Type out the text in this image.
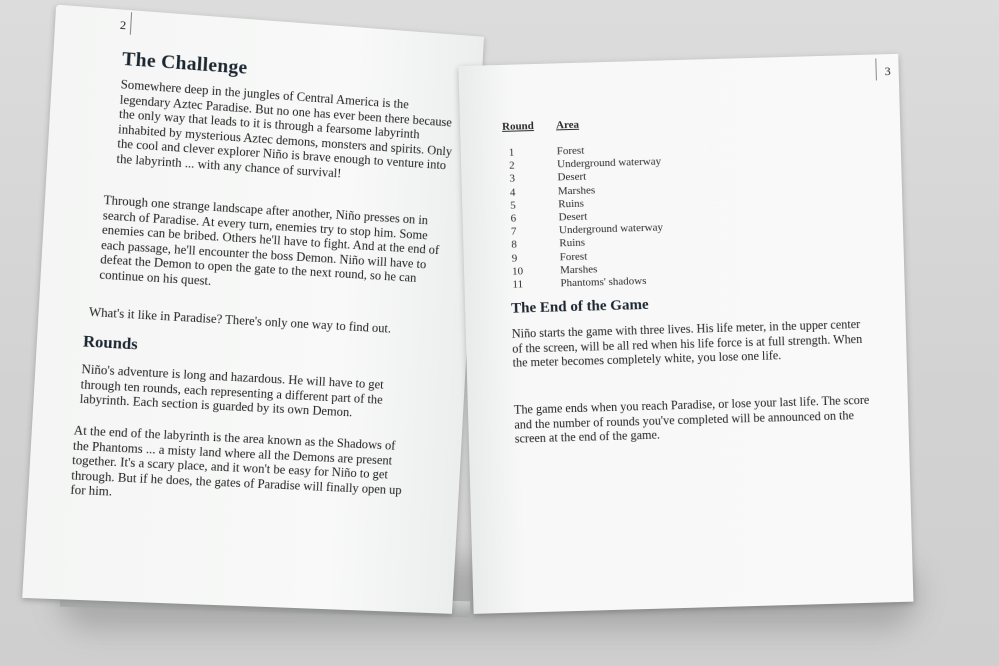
2
The Challenge

Somewhere deep in the jungles of Central America is the legendary Aztec Paradise. But no one has ever been there because the only way that leads to it is through a fearsome labyrinth inhabited by mysterious Aztec demons, monsters and spirits. Only the cool and clever explorer Niño is brave enough to venture into the labyrinth ... with any chance of survival!

Through one strange landscape after another, Niño presses on in search of Paradise. At every turn, enemies try to stop him. Some enemies can be bribed. Others he'll have to fight. And at the end of each passage, he'll encounter the boss Demon. Niño will have to defeat the Demon to open the gate to the next round, so he can continue on his quest.

What's it like in Paradise? There's only one way to find out.

Rounds

Niño's adventure is long and hazardous. He will have to get through ten rounds, each representing a different part of the labyrinth. Each section is guarded by its own Demon.

At the end of the labyrinth is the area known as the Shadows of the Phantoms ... a misty land where all the Demons are present together. It's a scary place, and it won't be easy for Niño to get through. But if he does, the gates of Paradise will finally open up for him.

3
Round	Area
1	Forest
2	Underground waterway
3	Desert
4	Marshes
5	Ruins
6	Desert
7	Underground waterway
8	Ruins
9	Forest
10	Marshes
11	Phantoms' shadows
The End of the Game

Niño starts the game with three lives. His life meter, in the upper center of the screen, will be all red when his life force is at full strength. When the meter becomes completely white, you lose one life.

The game ends when you reach Paradise, or lose your last life. The score and the number of rounds you've completed will be announced on the screen at the end of the game.
